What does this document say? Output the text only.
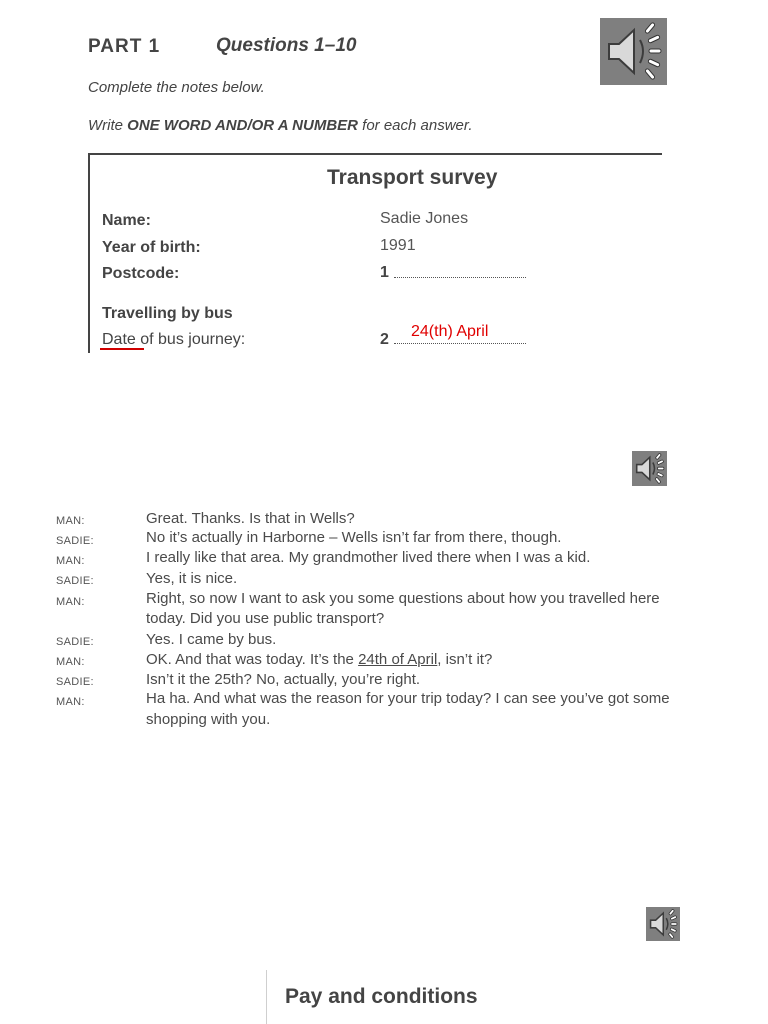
PART 1	Questions 1–10
Complete the notes below.
Write ONE WORD AND/OR A NUMBER for each answer.
Transport survey
Name:	Sadie Jones
Year of birth:	1991
Postcode:	1
Travelling by bus
Date of bus journey:	2 24(th) April
MAN:	Great. Thanks. Is that in Wells?
SADIE:	No it’s actually in Harborne – Wells isn’t far from there, though.
MAN:	I really like that area. My grandmother lived there when I was a kid.
SADIE:	Yes, it is nice.
MAN:	Right, so now I want to ask you some questions about how you travelled here
today. Did you use public transport?
SADIE:	Yes. I came by bus.
MAN:	OK. And that was today. It’s the 24th of April, isn’t it?
SADIE:	Isn’t it the 25th? No, actually, you’re right.
MAN:	Ha ha. And what was the reason for your trip today? I can see you’ve got some
shopping with you.
Pay and conditions
